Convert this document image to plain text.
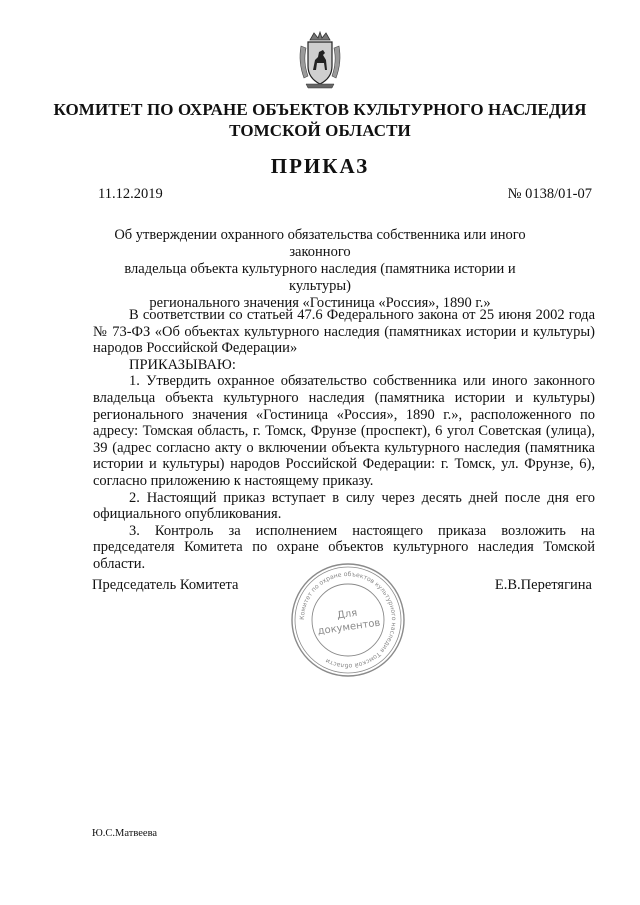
КОМИТЕТ ПО ОХРАНЕ ОБЪЕКТОВ КУЛЬТУРНОГО НАСЛЕДИЯ
ТОМСКОЙ ОБЛАСТИ
ПРИКАЗ
11.12.2019	№ 0138/01-07
Об утверждении охранного обязательства собственника или иного законного
владельца объекта культурного наследия (памятника истории и культуры)
регионального значения «Гостиница «Россия», 1890 г.»

В соответствии со статьей 47.6 Федерального закона от 25 июня 2002 года № 73-ФЗ «Об объектах культурного наследия (памятниках истории и культуры) народов Российской Федерации»

ПРИКАЗЫВАЮ:

1. Утвердить охранное обязательство собственника или иного законного владельца объекта культурного наследия (памятника истории и культуры) регионального значения «Гостиница «Россия», 1890 г.», расположенного по адресу: Томская область, г. Томск, Фрунзе (проспект), 6 угол Советская (улица), 39 (адрес согласно акту о включении объекта культурного наследия (памятника истории и культуры) народов Российской Федерации: г. Томск, ул. Фрунзе, 6), согласно приложению к настоящему приказу.

2. Настоящий приказ вступает в силу через десять дней после дня его официального опубликования.

3. Контроль за исполнением настоящего приказа возложить на председателя Комитета по охране объектов культурного наследия Томской области.

Председатель Комитета	Е.В.Перетягина
Комитет по охране объектов культурного наследия Томской области
Для
документов
Ю.С.Матвеева
